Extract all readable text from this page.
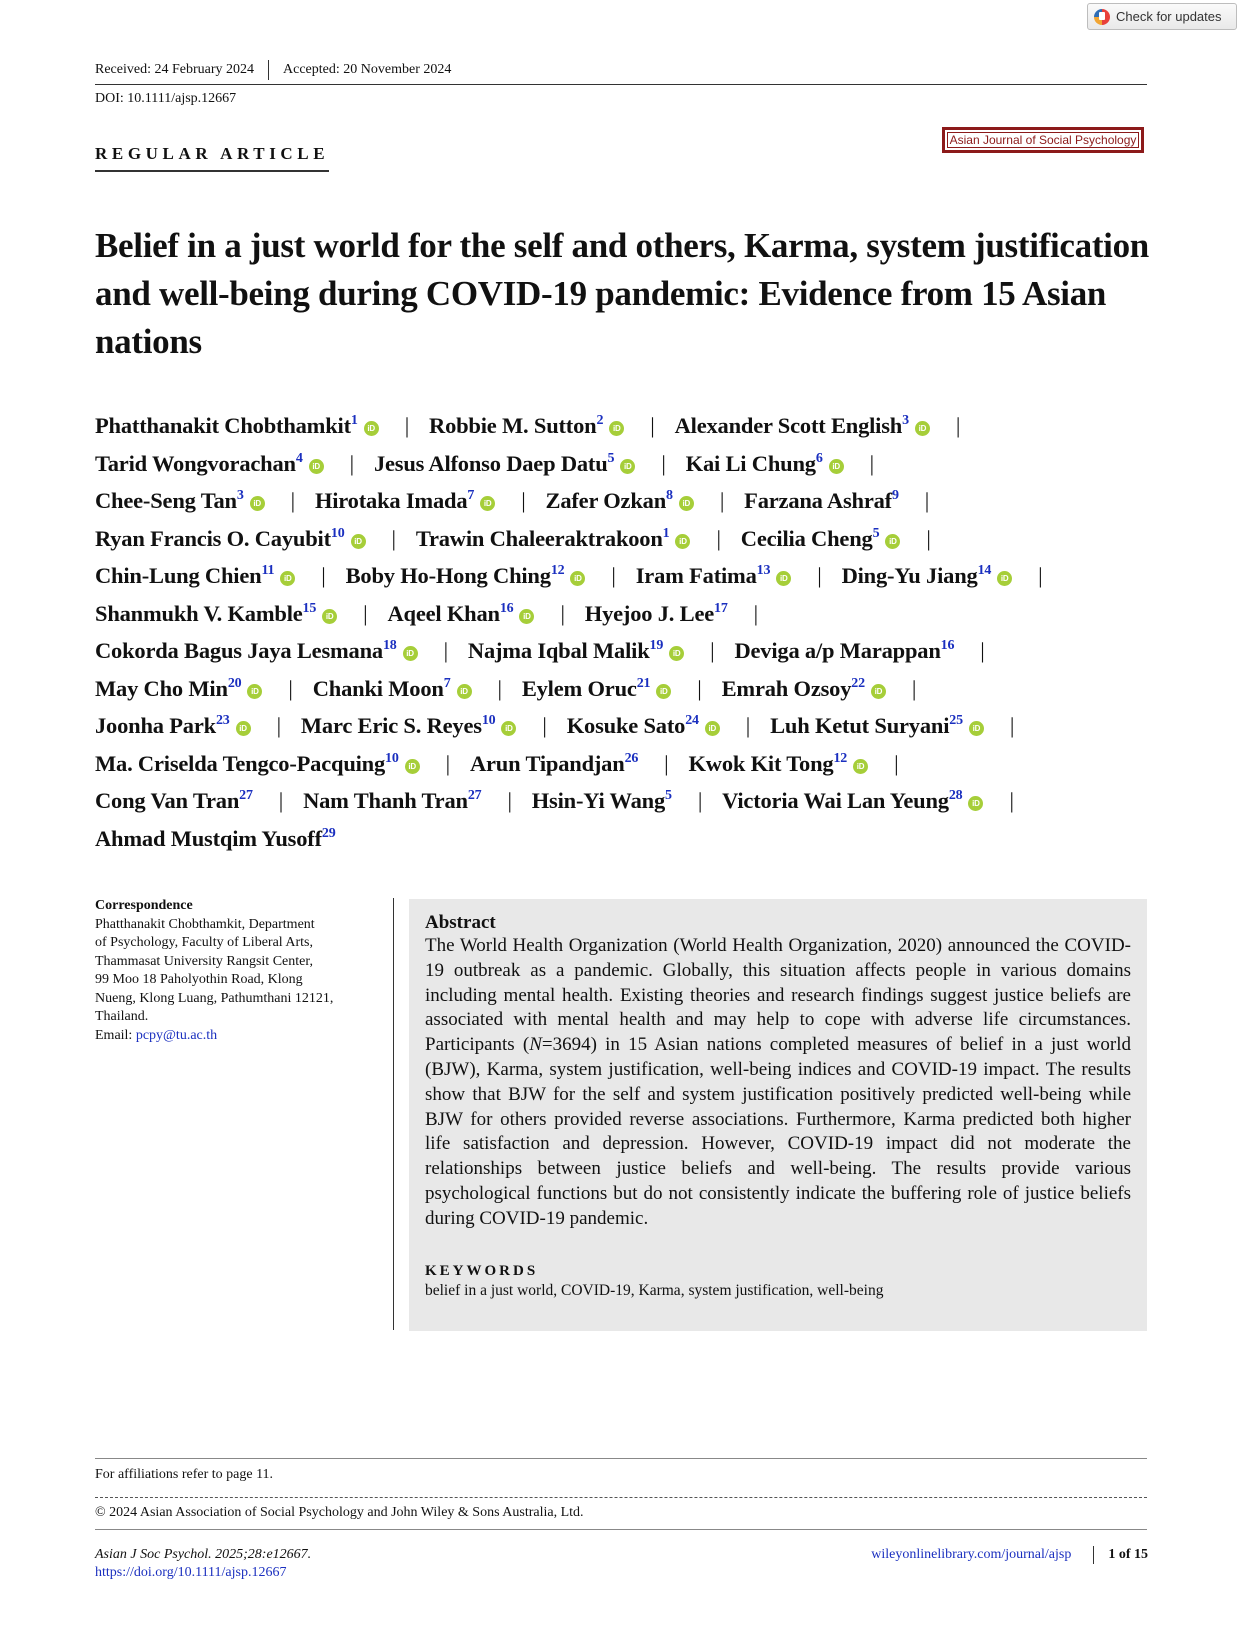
Check for updates
Received: 24 February 2024 Accepted: 20 November 2024
DOI: 10.1111/ajsp.12667
Asian Journal of Social Psychology
REGULAR ARTICLE
Belief in a just world for the self and others, Karma, system justification and well-being during COVID-19 pandemic: Evidence from 15 Asian nations
Phatthanakit Chobthamkit$^1$iD | Robbie M. Sutton$^2$iD | Alexander Scott English$^3$iD |
Tarid Wongvorachan$^4$iD | Jesus Alfonso Daep Datu$^5$iD | Kai Li Chung$^6$iD |
Chee-Seng Tan$^3$iD | Hirotaka Imada$^7$iD | Zafer Ozkan$^8$iD | Farzana Ashraf$^9$ |
Ryan Francis O. Cayubit$^{10}$iD | Trawin Chaleeraktrakoon$^1$iD | Cecilia Cheng$^5$iD |
Chin-Lung Chien$^{11}$iD | Boby Ho-Hong Ching$^{12}$iD | Iram Fatima$^{13}$iD | Ding-Yu Jiang$^{14}$iD |
Shanmukh V. Kamble$^{15}$iD | Aqeel Khan$^{16}$iD | Hyejoo J. Lee$^{17}$ |
Cokorda Bagus Jaya Lesmana$^{18}$iD | Najma Iqbal Malik$^{19}$iD | Deviga a/p Marappan$^{16}$ |
May Cho Min$^{20}$iD | Chanki Moon$^7$iD | Eylem Oruc$^{21}$iD | Emrah Ozsoy$^{22}$iD |
Joonha Park$^{23}$iD | Marc Eric S. Reyes$^{10}$iD | Kosuke Sato$^{24}$iD | Luh Ketut Suryani$^{25}$iD |
Ma. Criselda Tengco-Pacquing$^{10}$iD | Arun Tipandjan$^{26}$ | Kwok Kit Tong$^{12}$iD |
Cong Van Tran$^{27}$ | Nam Thanh Tran$^{27}$ | Hsin-Yi Wang$^5$ | Victoria Wai Lan Yeung$^{28}$iD |
Ahmad Mustqim Yusoff$^{29}$
Correspondence
Phatthanakit Chobthamkit, Department
of Psychology, Faculty of Liberal Arts,
Thammasat University Rangsit Center,
99 Moo 18 Paholyothin Road, Klong
Nueng, Klong Luang, Pathumthani 12121,
Thailand.
Email: pcpy@tu.ac.th
Abstract

The World Health Organization (World Health Organization, 2020) announced the COVID-19 outbreak as a pandemic. Globally, this situation affects people in various domains including mental health. Existing theories and research findings suggest justice beliefs are associated with mental health and may help to cope with adverse life circumstances. Participants (N=3694) in 15 Asian nations completed measures of belief in a just world (BJW), Karma, system justification, well-being indices and COVID-19 impact. The results show that BJW for the self and system justification positively predicted well-being while BJW for others provided reverse associations. Furthermore, Karma predicted both higher life satisfaction and depression. However, COVID-19 impact did not moderate the relationships between justice beliefs and well-being. The results provide various psychological functions but do not consistently indicate the buffering role of justice beliefs during COVID-19 pandemic.

KEYWORDS
belief in a just world, COVID-19, Karma, system justification, well-being
For affiliations refer to page 11.
© 2024 Asian Association of Social Psychology and John Wiley & Sons Australia, Ltd.
Asian J Soc Psychol. 2025;28:e12667.
https://doi.org/10.1111/ajsp.12667
wileyonlinelibrary.com/journal/ajsp	1 of 15
